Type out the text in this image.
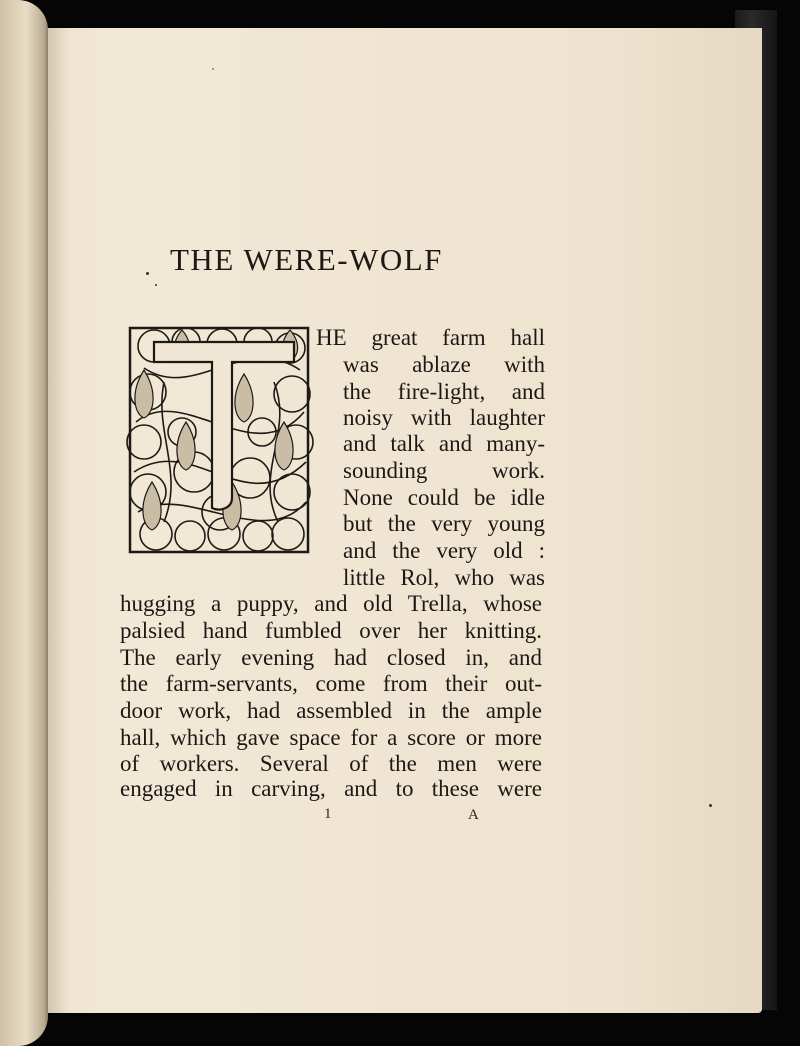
THE WERE-WOLF
HE great farm hall
was ablaze with
the fire-light, and
noisy with laughter
and talk and many-
sounding work.
None could be idle
but the very young
and the very old :
little Rol, who was
hugging a puppy, and old Trella, whose
palsied hand fumbled over her knitting.
The early evening had closed in, and
the farm-servants, come from their out-
door work, had assembled in the ample
hall, which gave space for a score or more
of workers. Several of the men were
engaged in carving, and to these were
1	A
